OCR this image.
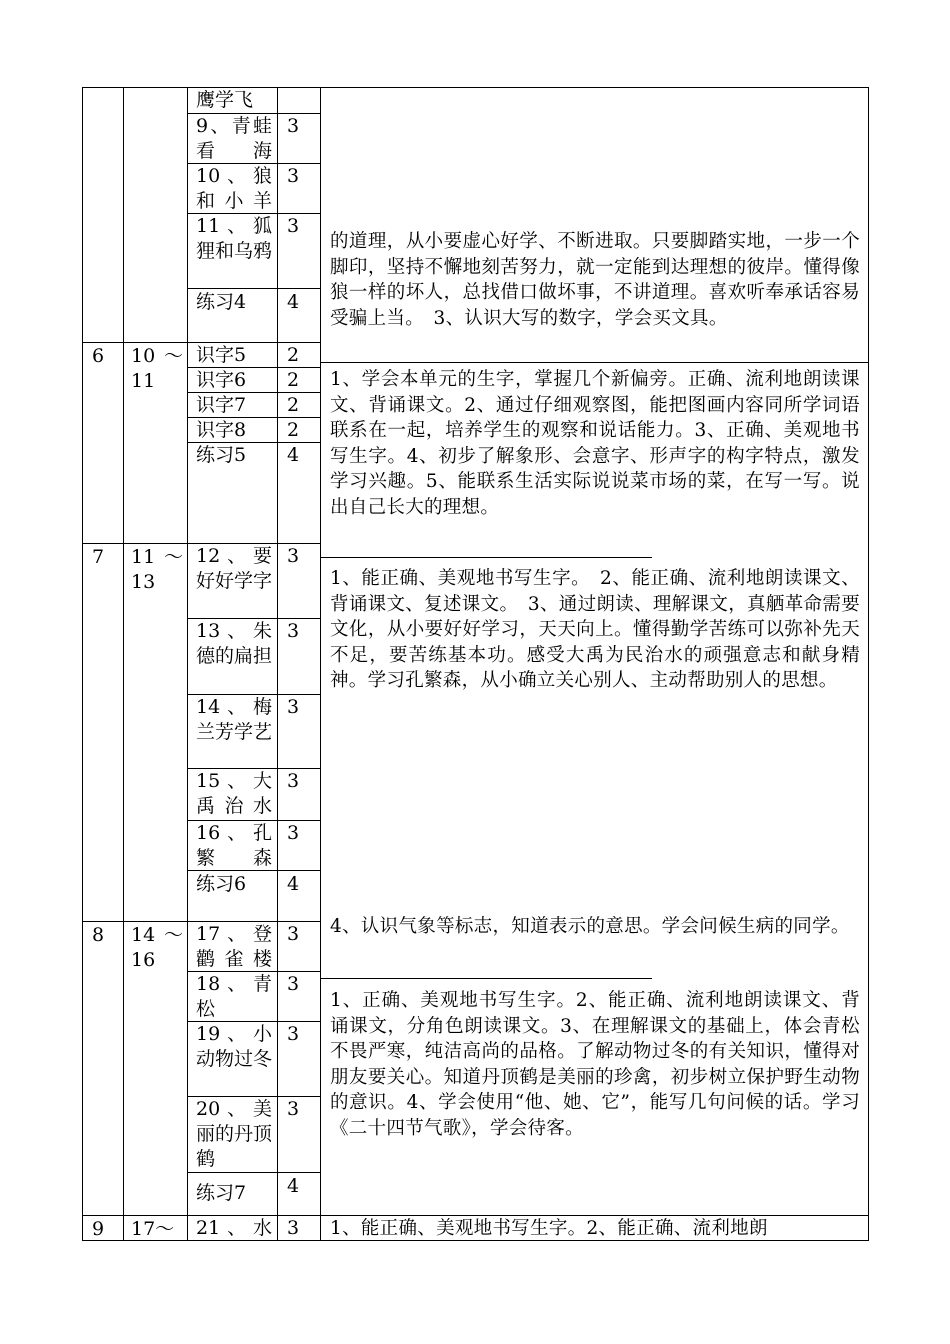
6
7
8
9
10～11
11～13
14～16
17～
鹰学飞
9、青蛙看海
3
10、狼和小羊
3
11、狐狸和乌鸦
3
练习4 4
识字5 2
识字6 2
识字7 2
识字8 2
练习5 4
12、要好好学字
3
13、朱德的扁担
3
14、梅兰芳学艺
3
15、大禹治水
3
16、孔繁森
3
练习6 4
17、登鹳雀楼
3
18、青松
3
19、小动物过冬
3
20、美丽的丹顶鹤
3
练习7 4
21、水 3
的道理，从小要虚心好学、不断进取。只要脚踏实地，一步一个脚印，坚持不懈地刻苦努力，就一定能到达理想的彼岸。懂得像狼一样的坏人，总找借口做坏事，不讲道理。喜欢听奉承话容易受骗上当。　3、认识大写的数字，学会买文具。
1、学会本单元的生字，掌握几个新偏旁。正确、流利地朗读课文、背诵课文。2、通过仔细观察图，能把图画内容同所学词语联系在一起，培养学生的观察和说话能力。3、正确、美观地书写生字。4、初步了解象形、会意字、形声字的构字特点，激发学习兴趣。5、能联系生活实际说说菜市场的菜，在写一写。说出自己长大的理想。
1、能正确、美观地书写生字。　2、能正确、流利地朗读课文、背诵课文、复述课文。　3、通过朗读、理解课文，真舾革命需要文化，从小要好好学习，天天向上。懂得勤学苦练可以弥补先天不足，要苦练基本功。感受大禹为民治水的顽强意志和献身精神。学习孔繁森，从小确立关心别人、主动帮助别人的思想。
4、认识气象等标志，知道表示的意思。学会问候生病的同学。
1、正确、美观地书写生字。2、能正确、流利地朗读课文、背诵课文，分角色朗读课文。3、在理解课文的基础上，体会青松不畏严寒，纯洁高尚的品格。了解动物过冬的有关知识，懂得对朋友要关心。知道丹顶鹤是美丽的珍禽，初步树立保护野生动物的意识。4、学会使用“他、她、它”，能写几句问候的话。学习《二十四节气歌》，学会待客。
1、能正确、美观地书写生字。2、能正确、流利地朗
